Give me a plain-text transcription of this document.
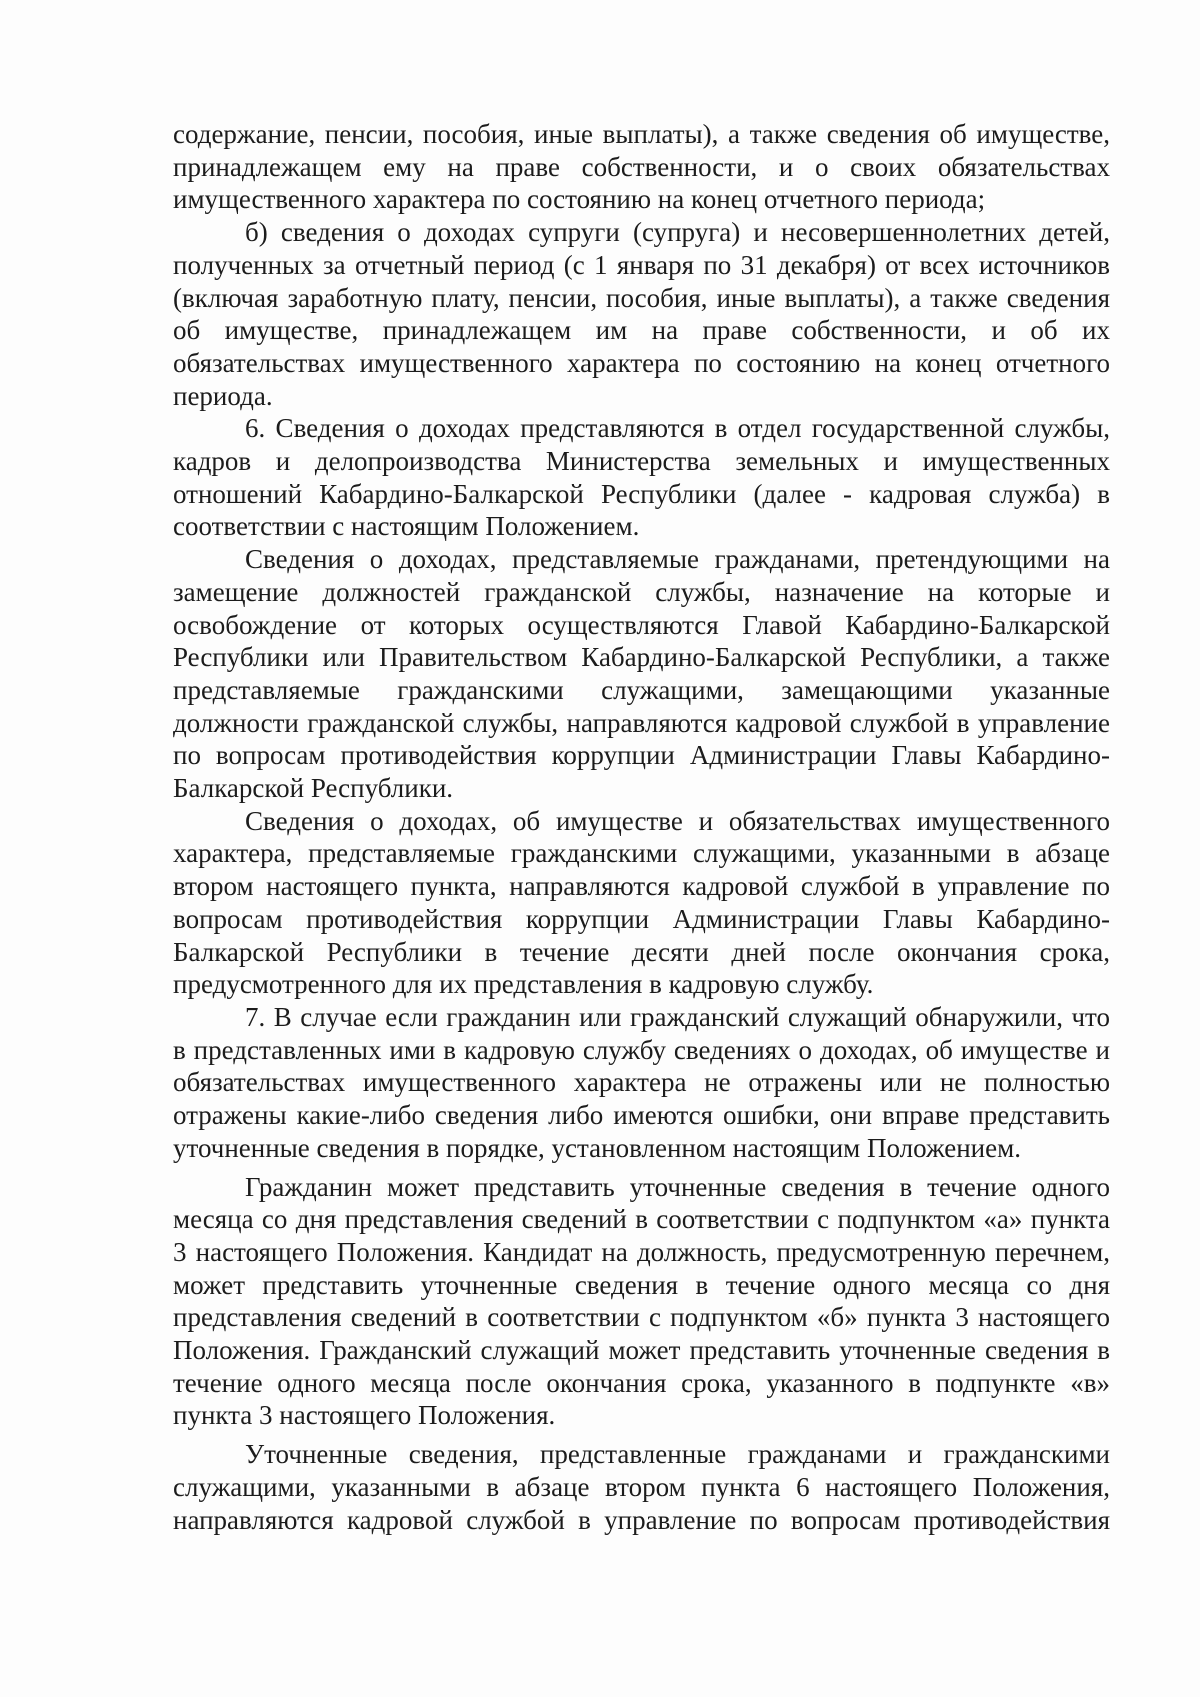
содержание, пенсии, пособия, иные выплаты), а также сведения об имуществе, принадлежащем ему на праве собственности, и о своих обязательствах имущественного характера по состоянию на конец отчетного периода;

б) сведения о доходах супруги (супруга) и несовершеннолетних детей, полученных за отчетный период (с 1 января по 31 декабря) от всех источников (включая заработную плату, пенсии, пособия, иные выплаты), а также сведения об имуществе, принадлежащем им на праве собственности, и об их обязательствах имущественного характера по состоянию на конец отчетного периода.

6. Сведения о доходах представляются в отдел государственной службы, кадров и делопроизводства Министерства земельных и имущественных отношений Кабардино-Балкарской Республики (далее - кадровая служба) в соответствии с настоящим Положением.

Сведения о доходах, представляемые гражданами, претендующими на замещение должностей гражданской службы, назначение на которые и освобождение от которых осуществляются Главой Кабардино-Балкарской Республики или Правительством Кабардино-Балкарской Республики, а также представляемые гражданскими служащими, замещающими указанные должности гражданской службы, направляются кадровой службой в управление по вопросам противодействия коррупции Администрации Главы Кабардино-Балкарской Республики.

Сведения о доходах, об имуществе и обязательствах имущественного характера, представляемые гражданскими служащими, указанными в абзаце втором настоящего пункта, направляются кадровой службой в управление по вопросам противодействия коррупции Администрации Главы Кабардино-Балкарской Республики в течение десяти дней после окончания срока, предусмотренного для их представления в кадровую службу.

7. В случае если гражданин или гражданский служащий обнаружили, что в представленных ими в кадровую службу сведениях о доходах, об имуществе и обязательствах имущественного характера не отражены или не полностью отражены какие-либо сведения либо имеются ошибки, они вправе представить уточненные сведения в порядке, установленном настоящим Положением.

Гражданин может представить уточненные сведения в течение одного месяца со дня представления сведений в соответствии с подпунктом «а» пункта 3 настоящего Положения. Кандидат на должность, предусмотренную перечнем, может представить уточненные сведения в течение одного месяца со дня представления сведений в соответствии с подпунктом «б» пункта 3 настоящего Положения. Гражданский служащий может представить уточненные сведения в течение одного месяца после окончания срока, указанного в подпункте «в» пункта 3 настоящего Положения.

Уточненные сведения, представленные гражданами и гражданскими служащими, указанными в абзаце втором пункта 6 настоящего Положения, направляются кадровой службой в управление по вопросам противодействия
